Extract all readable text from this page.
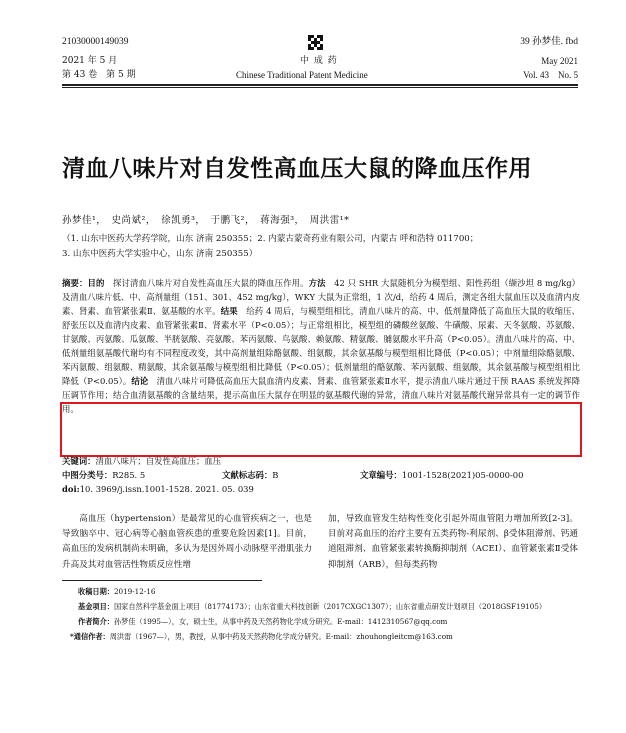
21030000149039	39 孙梦佳. fbd
2021 年 5 月	中 成 药	May 2021
第 43 卷　第 5 期	Chinese Traditional Patent Medicine	Vol. 43　No. 5
清血八味片对自发性高血压大鼠的降血压作用
孙梦佳¹，　史尚斌²，　徐凯勇³，　于鹏飞²，　蒋海强³，　周洪雷¹*
（1. 山东中医药大学药学院，山东 济南 250355；2. 内蒙古蒙奇药业有限公司，内蒙古 呼和浩特 011700；
3. 山东中医药大学实验中心，山东 济南 250355）
摘要：目的　 探讨清血八味片对自发性高血压大鼠的降血压作用。方法　 42 只 SHR 大鼠随机分为模型组、阳性药组（缬沙坦 8 mg/kg）及清血八味片低、中、高剂量组（151、301、452 mg/kg），WKY 大鼠为正常组，1 次/d，给药 4 周后，测定各组大鼠血压以及血清内皮素、肾素、血管紧张素Ⅱ、氨基酸的水平。结果　 给药 4 周后，与模型组相比，清血八味片的高、中、低剂量降低了高血压大鼠的收缩压、舒张压以及血清内皮素、血管紧张素Ⅱ、肾素水平（P<0.05）；与正常组相比，模型组的磷酸丝氨酸、牛磺酸、尿素、天冬氨酸、苏氨酸、甘氨酸、丙氨酸、瓜氨酸、半胱氨酸、亮氨酸、苯丙氨酸、鸟氨酸、赖氨酸、精氨酸、脯氨酸水平升高（P<0.05）。清血八味片的高、中、低剂量组氨基酸代谢均有不同程度改变，其中高剂量组除酪氨酸、组氨酸，其余氨基酸与模型组相比降低（P<0.05）；中剂量组除酪氨酸、苯丙氨酸、组氨酸、精氨酸，其余氨基酸与模型组相比降低（P<0.05）；低剂量组的酪氨酸、苯丙氨酸、组氨酸，其余氨基酸与模型组相比降低（P<0.05）。结论　 清血八味片可降低高血压大鼠血清内皮素、肾素、血管紧张素Ⅱ水平，提示清血八味片通过干预 RAAS 系统发挥降压调节作用；结合血清氨基酸的含量结果，提示高血压大鼠存在明显的氨基酸代谢的异常，清血八味片对氨基酸代谢异常具有一定的调节作用。
关键词：清血八味片；自发性高血压；血压
中图分类号：R285. 5	文献标志码：B	文章编号：1001-1528(2021)05-0000-00
doi:10. 3969/j.issn.1001-1528. 2021. 05. 039
高血压（hypertension）是最常见的心血管疾病之一，也是导致脑卒中、冠心病等心脑血管疾患的重要危险因素[1]。目前，高血压的发病机制尚未明确，多认为是因外周小动脉壁平滑肌张力升高及其对血管活性物质反应性增
加，导致血管发生结构性变化引起外周血管阻力增加所致[2-3]。目前对高血压的治疗主要有五类药物-利尿剂、β受体阻滞剂、钙通道阻滞剂、血管紧张素转换酶抑制剂（ACEI）、血管紧张素Ⅱ受体抑制剂（ARB），但每类药物
收稿日期：2019-12-16
基金项目：国家自然科学基金面上项目（81774173）；山东省重大科技创新（2017CXGC1307）；山东省重点研发计划项目（2018GSF19105）
作者简介：孙梦佳（1995—），女，硕士生，从事中药及天然药物化学成分研究。E-mail：1412310567@qq.com
*通信作者：周洪雷（1967—），男，教授，从事中药及天然药物化学成分研究。E-mail：zhouhongleitcm@163.com
